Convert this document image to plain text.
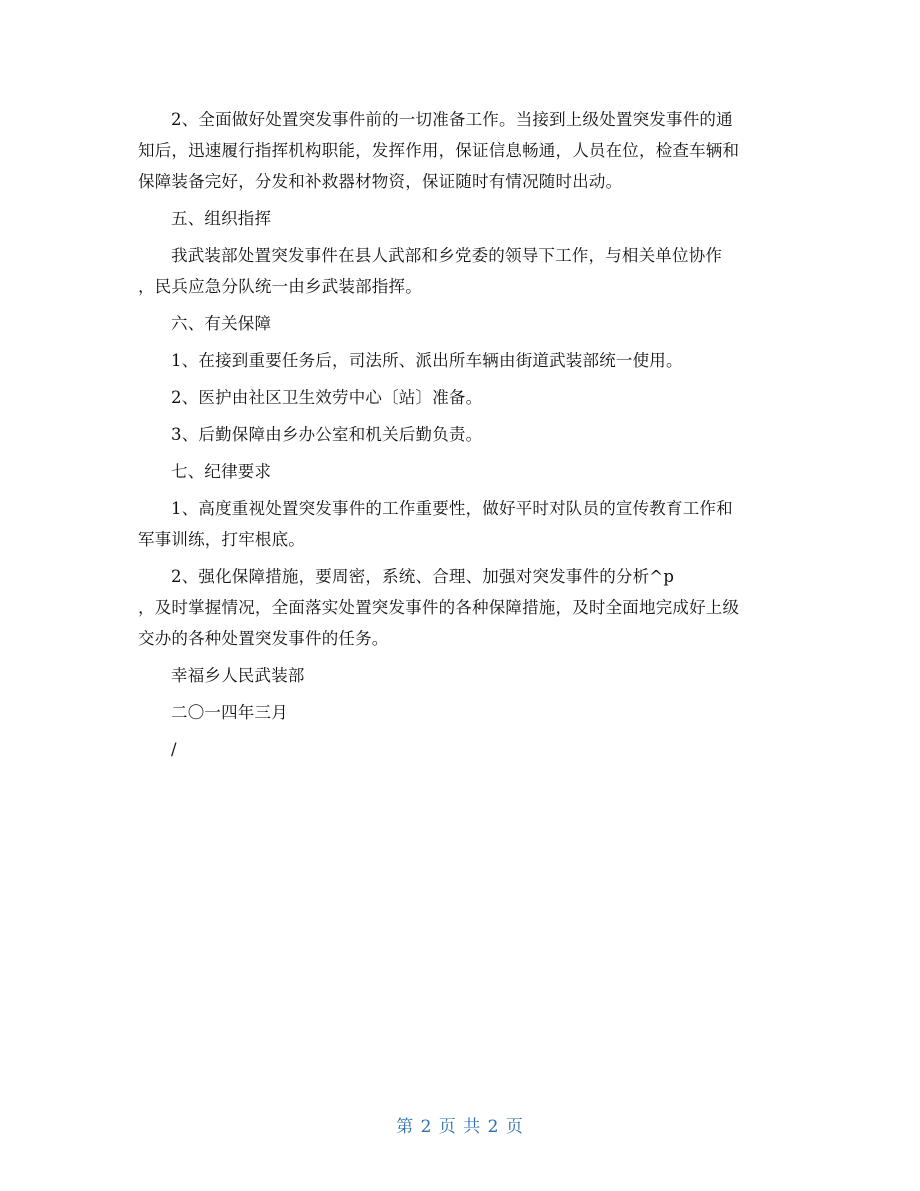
2、全面做好处置突发事件前的一切准备工作。当接到上级处置突发事件的通
知后，迅速履行指挥机构职能，发挥作用，保证信息畅通，人员在位，检查车辆和
保障装备完好，分发和补救器材物资，保证随时有情况随时出动。

五、组织指挥

我武装部处置突发事件在县人武部和乡党委的领导下工作，与相关单位协作
，民兵应急分队统一由乡武装部指挥。

六、有关保障

1、在接到重要任务后，司法所、派出所车辆由街道武装部统一使用。

2、医护由社区卫生效劳中心〔站〕准备。

3、后勤保障由乡办公室和机关后勤负责。

七、纪律要求

1、高度重视处置突发事件的工作重要性，做好平时对队员的宣传教育工作和
军事训练，打牢根底。

2、强化保障措施，要周密，系统、合理、加强对突发事件的分析^p
，及时掌握情况，全面落实处置突发事件的各种保障措施，及时全面地完成好上级
交办的各种处置突发事件的任务。

幸福乡人民武装部

二〇一四年三月

/

第 2 页 共 2 页
